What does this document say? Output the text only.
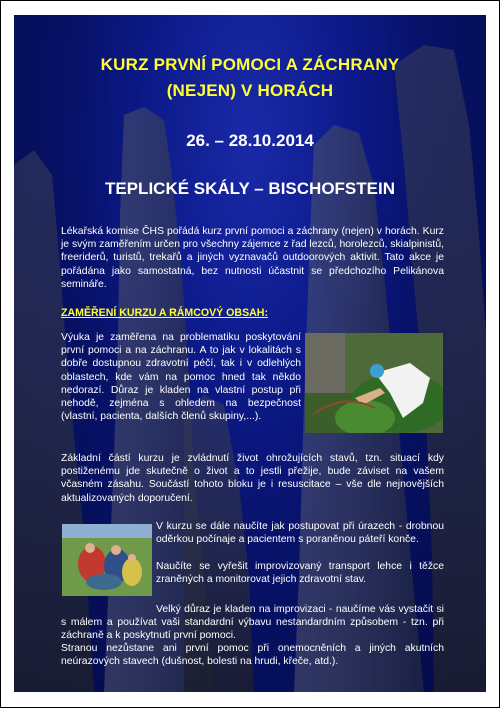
KURZ PRVNÍ POMOCI A ZÁCHRANY
(NEJEN) V HORÁCH
26. – 28.10.2014
TEPLICKÉ SKÁLY – BISCHOFSTEIN
Lékařská komise ČHS pořádá kurz první pomoci a záchrany (nejen) v horách. Kurz je svým zaměřením určen pro všechny zájemce z řad lezců, horolezců, skialpinistů, freeriderů, turistů, trekařů a jiných vyznavačů outdoorových aktivit. Tato akce je pořádána jako samostatná, bez nutnosti účastnit se předchozího Pelikánova semináře.
ZAMĚŘENÍ KURZU A RÁMCOVÝ OBSAH:
Výuka je zaměřena na problematiku poskytování první pomoci a na záchranu. A to jak v lokalitách s dobře dostupnou zdravotní péčí, tak i v odlehlých oblastech, kde vám na pomoc hned tak někdo nedorazí. Důraz je kladen na vlastní postup při nehodě, zejména s ohledem na bezpečnost (vlastní, pacienta, dalších členů skupiny,...).
Základní částí kurzu je zvládnutí život ohrožujících stavů, tzn. situací kdy postiženému jde skutečně o život a to jestli přežije, bude záviset na vašem včasném zásahu. Součástí tohoto bloku je i resuscitace – vše dle nejnovějších aktualizovaných doporučení.
V kurzu se dále naučíte jak postupovat při úrazech - drobnou oděrkou počínaje a pacientem s poraněnou páteří konče.
Naučíte se vyřešit improvizovaný transport lehce i těžce zraněných a monitorovat jejich zdravotní stav.
Velký důraz je kladen na improvizaci - naučíme vás vystačit si s málem a používat vaši standardní výbavu nestandardním způsobem - tzn. při záchraně a k poskytnutí první pomoci.
Stranou nezůstane ani první pomoc při onemocněních a jiných akutních neúrazových stavech (dušnost, bolesti na hrudi, křeče, atd.).
